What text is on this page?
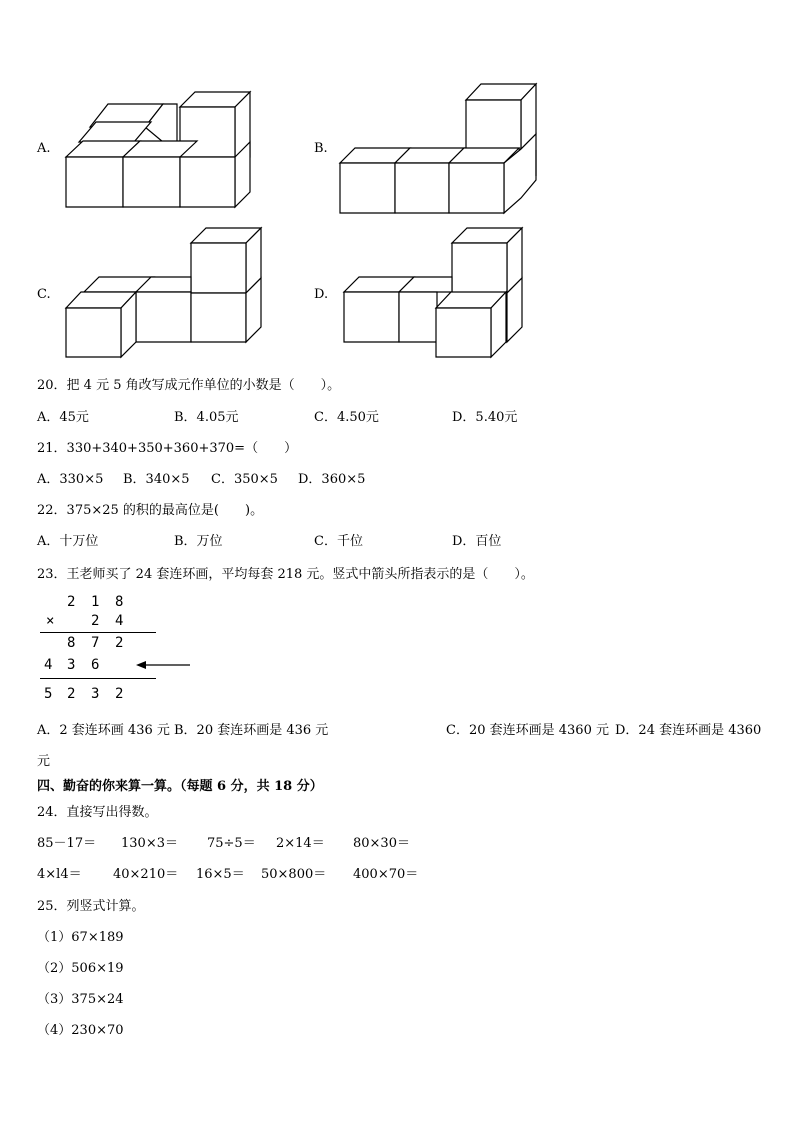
A.	B.
C.	D.
20．把 4 元 5 角改写成元作单位的小数是（　　）。
A．45元	B．4.05元	C．4.50元	D．5.40元
21．330+340+350+360+370=（　　）
A．330×5 B．340×5 C．350×5 D．360×5
22．375×25 的积的最高位是(　　)。
A．十万位	B．万位	C．千位	D．百位
23．王老师买了 24 套连环画，平均每套 218 元。竖式中箭头所指表示的是（　　）。
2 1 8
×	2 4
8 7 2
4 3 6
5 2 3 2
A．2 套连环画 436 元 B．20 套连环画是 436 元	C．20 套连环画是 4360 元 D．24 套连环画是 4360
元
四、勤奋的你来算一算。（每题 6 分，共 18 分）
24．直接写出得数。
85－17＝ 130×3＝ 75÷5＝ 2×14＝ 80×30＝
4×l4＝ 40×210＝ 16×5＝ 50×800＝ 400×70＝
25．列竖式计算。
（1）67×189
（2）506×19
（3）375×24
（4）230×70
